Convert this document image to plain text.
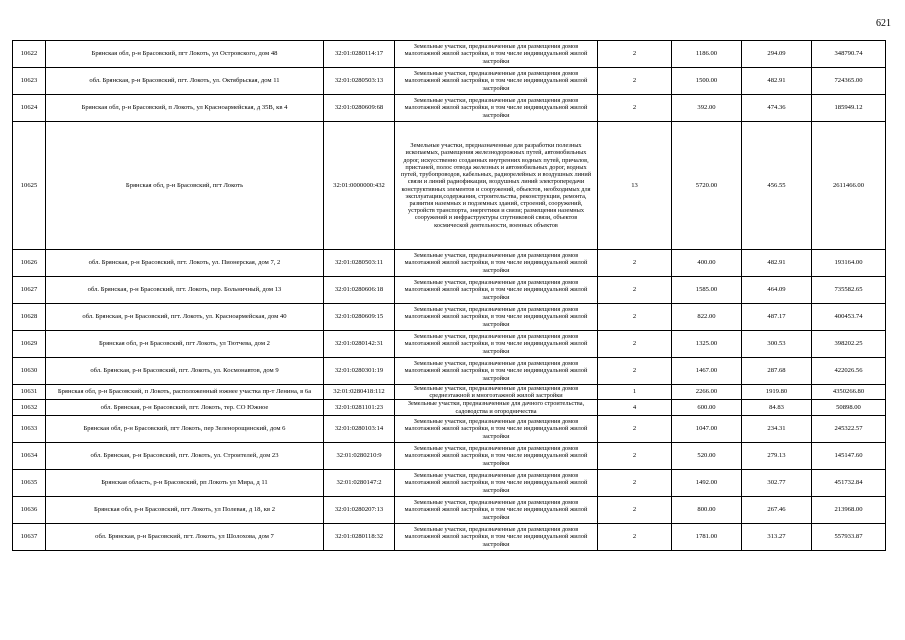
621
10622	Брянская обл, р-н Брасовский, пгт Локоть, ул Островского, дом 48	32:01:0280114:17	Земельные участки, предназначенные для размещения домов малоэтажной жилой застройки, в том числе индивидуальной жилой застройки	2	1186.00	294.09	348790.74
10623	обл. Брянская, р-н Брасовский, пгт. Локоть, ул. Октябрьская, дом 11	32:01:0280503:13	Земельные участки, предназначенные для размещения домов малоэтажной жилой застройки, в том числе индивидуальной жилой застройки	2	1500.00	482.91	724365.00
10624	Брянская обл, р-н Брасовский, п Локоть, ул Красноармейская, д 35В, кв 4	32:01:0280609:68	Земельные участки, предназначенные для размещения домов малоэтажной жилой застройки, в том числе индивидуальной жилой застройки	2	392.00	474.36	185949.12
10625	Брянская обл, р-н Брасовский, пгт Локоть	32:01:0000000:432	Земельные участки, предназначенные для разработки полезных ископаемых, размещения железнодорожных путей, автомобильных дорог, искусственно созданных внутренних водных путей, причалов, пристаней, полос отвода железных и автомобильных дорог, водных путей, трубопроводов, кабельных, радиорелейных и воздушных линий связи и линий радиофикации, воздушных линий электропередачи конструктивных элементов и сооружений, объектов, необходимых для эксплуатации,содержания, строительства, реконструкции, ремонта, развития наземных и подземных зданий, строений, сооружений, устройств транспорта, энергетики и связи; размещения наземных сооружений и инфраструктуры спутниковой связи, объектов космической деятельности, военных объектов	13	5720.00	456.55	2611466.00
10626	обл. Брянская, р-н Брасовский, пгт. Локоть, ул. Пионерская, дом 7, 2	32:01:0280503:11	Земельные участки, предназначенные для размещения домов малоэтажной жилой застройки, в том числе индивидуальной жилой застройки	2	400.00	482.91	193164.00
10627	обл. Брянская, р-н Брасовский, пгт. Локоть, пер. Больничный, дом 13	32:01:0280606:18	Земельные участки, предназначенные для размещения домов малоэтажной жилой застройки, в том числе индивидуальной жилой застройки	2	1585.00	464.09	735582.65
10628	обл. Брянская, р-н Брасовский, пгт. Локоть, ул. Красноармейская, дом 40	32:01:0280609:15	Земельные участки, предназначенные для размещения домов малоэтажной жилой застройки, в том числе индивидуальной жилой застройки	2	822.00	487.17	400453.74
10629	Брянская обл, р-н Брасовский, пгт Локоть, ул Тютчева, дом 2	32:01:0280142:31	Земельные участки, предназначенные для размещения домов малоэтажной жилой застройки, в том числе индивидуальной жилой застройки	2	1325.00	300.53	398202.25
10630	обл. Брянская, р-н Брасовский, пгт. Локоть, ул. Космонавтов, дом 9	32:01:0280301:19	Земельные участки, предназначенные для размещения домов малоэтажной жилой застройки, в том числе индивидуальной жилой застройки	2	1467.00	287.68	422026.56
10631	Брянская обл, р-н Брасовский, п Локоть, расположенный южнее участка пр-т Ленина, в 6а	32:01:0280418:112	Земельные участки, предназначенные для размещения домов среднеэтажной и многоэтажной жилой застройки	1	2266.00	1919.80	4350266.80
10632	обл. Брянская, р-н Брасовский, пгт. Локоть, тер. СО Южное	32:01:0281101:23	Земельные участки, предназначенные для дачного строительства, садоводства и огородничества	4	600.00	84.83	50898.00
10633	Брянская обл, р-н Брасовский, пгт Локоть, пер Зеленорощинский, дом 6	32:01:0280103:14	Земельные участки, предназначенные для размещения домов малоэтажной жилой застройки, в том числе индивидуальной жилой застройки	2	1047.00	234.31	245322.57
10634	обл. Брянская, р-н Брасовский, пгт. Локоть, ул. Строителей, дом 23	32:01:0280210:9	Земельные участки, предназначенные для размещения домов малоэтажной жилой застройки, в том числе индивидуальной жилой застройки	2	520.00	279.13	145147.60
10635	Брянская область, р-н Брасовский, рп Локоть ул Мира, д 11	32:01:0280147:2	Земельные участки, предназначенные для размещения домов малоэтажной жилой застройки, в том числе индивидуальной жилой застройки	2	1492.00	302.77	451732.84
10636	Брянская обл, р-н Брасовский, пгт Локоть, ул Полевая, д 18, кв 2	32:01:0280207:13	Земельные участки, предназначенные для размещения домов малоэтажной жилой застройки, в том числе индивидуальной жилой застройки	2	800.00	267.46	213968.00
10637	обл. Брянская, р-н Брасовский, пгт. Локоть, ул Шолохова, дом 7	32:01:0280118:32	Земельные участки, предназначенные для размещения домов малоэтажной жилой застройки, в том числе индивидуальной жилой застройки	2	1781.00	313.27	557933.87
